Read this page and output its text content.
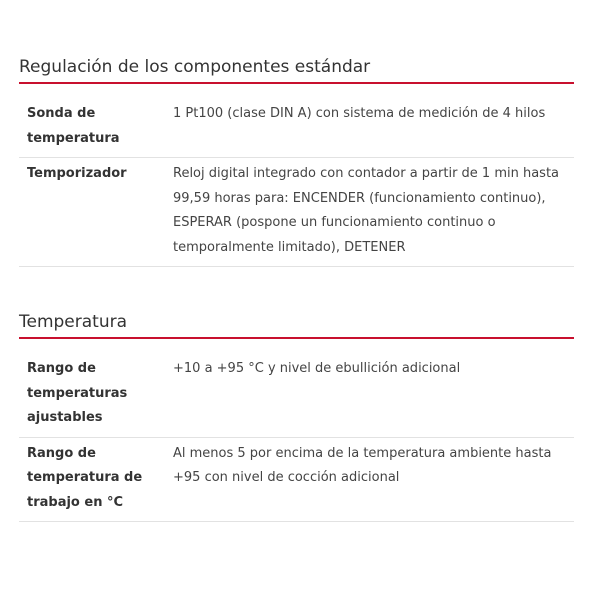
Regulación de los componentes estándar
Sonda de temperatura	1 Pt100 (clase DIN A) con sistema de medición de 4 hilos

Temporizador	Reloj digital integrado con contador a partir de 1 min hasta 99,59 horas para: ENCENDER (funcionamiento continuo), ESPERAR (pospone un funcionamiento continuo o temporalmente limitado), DETENER
Temperatura
Rango de temperaturas ajustables	+10 a +95 °C y nivel de ebullición adicional

Rango de temperatura de trabajo en °C	Al menos 5 por encima de la temperatura ambiente hasta +95 con nivel de cocción adicional
